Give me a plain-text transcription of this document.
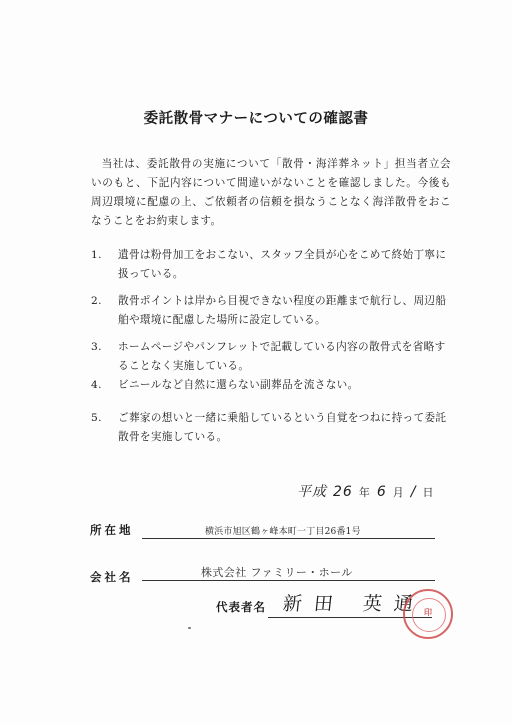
委託散骨マナーについての確認書

当社は、委託散骨の実施について「散骨・海洋葬ネット」担当者立会いのもと、下記内容について間違いがないことを確認しました。今後も周辺環境に配慮の上、ご依頼者の信頼を損なうことなく海洋散骨をおこなうことをお約束します。

1.	遺骨は粉骨加工をおこない、スタッフ全員が心をこめて終始丁寧に扱っている。
2.	散骨ポイントは岸から目視できない程度の距離まで航行し、周辺船舶や環境に配慮した場所に設定している。
3.	ホームページやパンフレットで記載している内容の散骨式を省略することなく実施している。
4.	ビニールなど自然に還らない副葬品を流さない。
5.	ご葬家の想いと一緒に乗船しているという自覚をつねに持って委託散骨を実施している。
平成 26 年 6 月 / 日
所在地	横浜市旭区鶴ヶ峰本町一丁目26番1号
会社名	株式会社 ファミリー・ホール
代表者名 新田 英通
印
